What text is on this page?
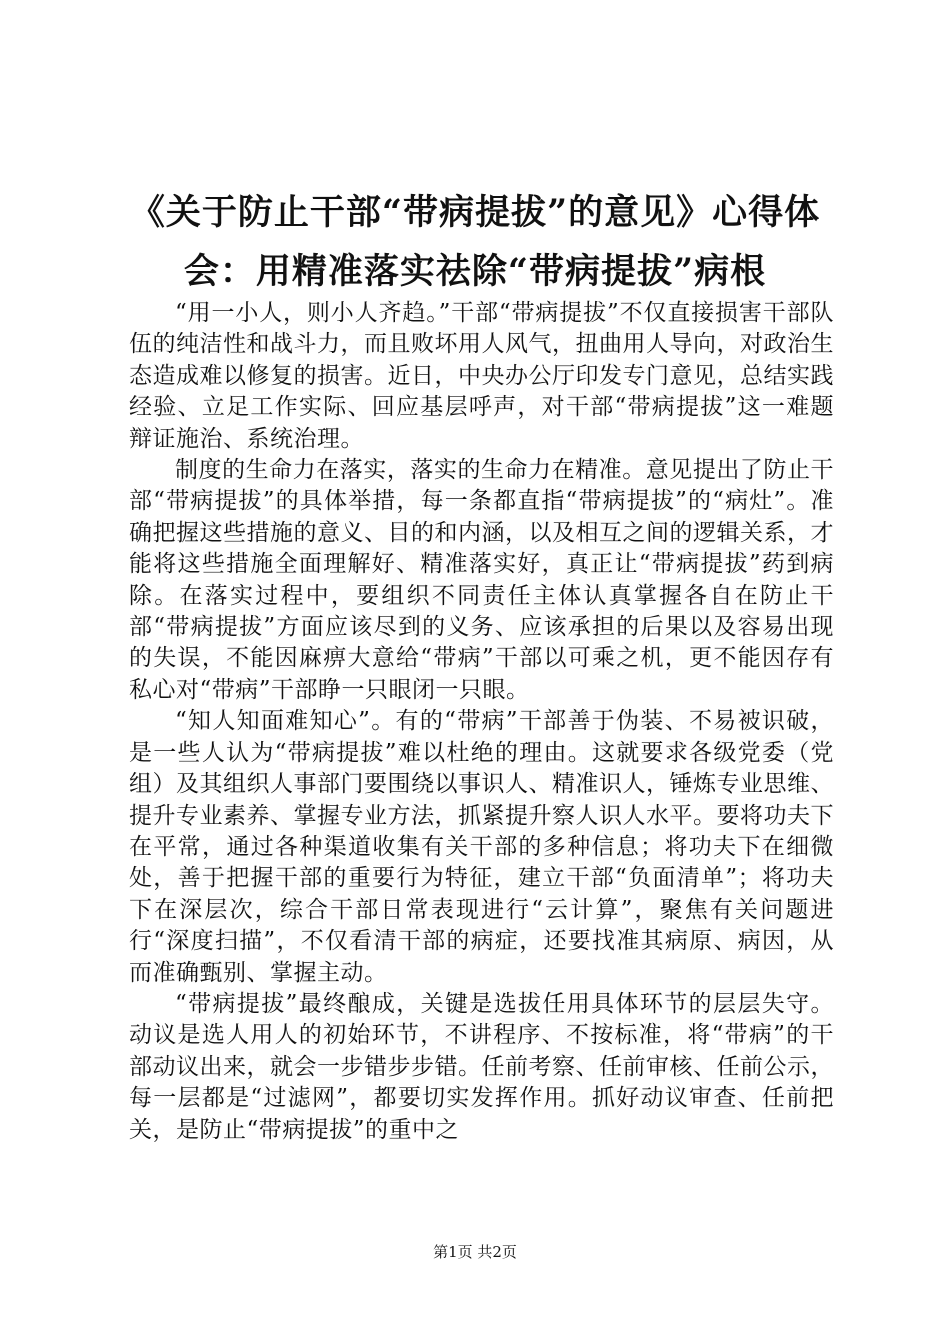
《关于防止干部“带病提拔”的意见》心得体会：用精准落实祛除“带病提拔”病根

“用一小人，则小人齐趋。”干部“带病提拔”不仅直接损害干部队伍的纯洁性和战斗力，而且败坏用人风气，扭曲用人导向，对政治生态造成难以修复的损害。近日，中央办公厅印发专门意见，总结实践经验、立足工作实际、回应基层呼声，对干部“带病提拔”这一难题辩证施治、系统治理。

制度的生命力在落实，落实的生命力在精准。意见提出了防止干部“带病提拔”的具体举措，每一条都直指“带病提拔”的“病灶”。准确把握这些措施的意义、目的和内涵，以及相互之间的逻辑关系，才能将这些措施全面理解好、精准落实好，真正让“带病提拔”药到病除。在落实过程中，要组织不同责任主体认真掌握各自在防止干部“带病提拔”方面应该尽到的义务、应该承担的后果以及容易出现的失误，不能因麻痹大意给“带病”干部以可乘之机，更不能因存有私心对“带病”干部睁一只眼闭一只眼。

“知人知面难知心”。有的“带病”干部善于伪装、不易被识破，是一些人认为“带病提拔”难以杜绝的理由。这就要求各级党委（党组）及其组织人事部门要围绕以事识人、精准识人，锤炼专业思维、提升专业素养、掌握专业方法，抓紧提升察人识人水平。要将功夫下在平常，通过各种渠道收集有关干部的多种信息；将功夫下在细微处，善于把握干部的重要行为特征，建立干部“负面清单”；将功夫下在深层次，综合干部日常表现进行“云计算”，聚焦有关问题进行“深度扫描”，不仅看清干部的病症，还要找准其病原、病因，从而准确甄别、掌握主动。

“带病提拔”最终酿成，关键是选拔任用具体环节的层层失守。动议是选人用人的初始环节，不讲程序、不按标准，将“带病”的干部动议出来，就会一步错步步错。任前考察、任前审核、任前公示，每一层都是“过滤网”，都要切实发挥作用。抓好动议审查、任前把关，是防止“带病提拔”的重中之

第1页 共2页
